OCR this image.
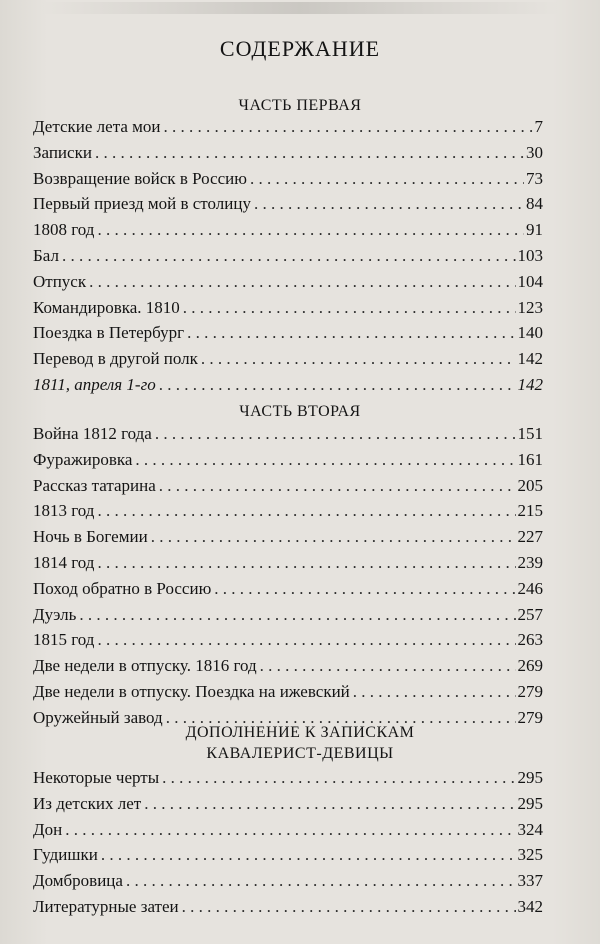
СОДЕРЖАНИЕ
ЧАСТЬ ПЕРВАЯ
Детские лета мои . . .	7
Записки . . .	30
Возвращение войск в Россию . . .	73
Первый приезд мой в столицу . . .	84
1808 год . . .	91
Бал . . .	103
Отпуск . . .	104
Командировка. 1810 . . .	123
Поездка в Петербург . . .	140
Перевод в другой полк . . .	142
1811, апреля 1-го . . .	142
ЧАСТЬ ВТОРАЯ
Война 1812 года . . .	151
Фуражировка . . .	161
Рассказ татарина . . .	205
1813 год . . .	215
Ночь в Богемии . . .	227
1814 год . . .	239
Поход обратно в Россию . . .	246
Дуэль . . .	257
1815 год . . .	263
Две недели в отпуску. 1816 год . . .	269
Две недели в отпуску. Поездка на ижевский . . .	279
Оружейный завод . . .	279
ДОПОЛНЕНИЕ К ЗАПИСКАМ
КАВАЛЕРИСТ-ДЕВИЦЫ
Некоторые черты . . .	295
Из детских лет . . .	295
Дон . . .	324
Гудишки . . .	325
Домбровица . . .	337
Литературные затеи . . .	342
